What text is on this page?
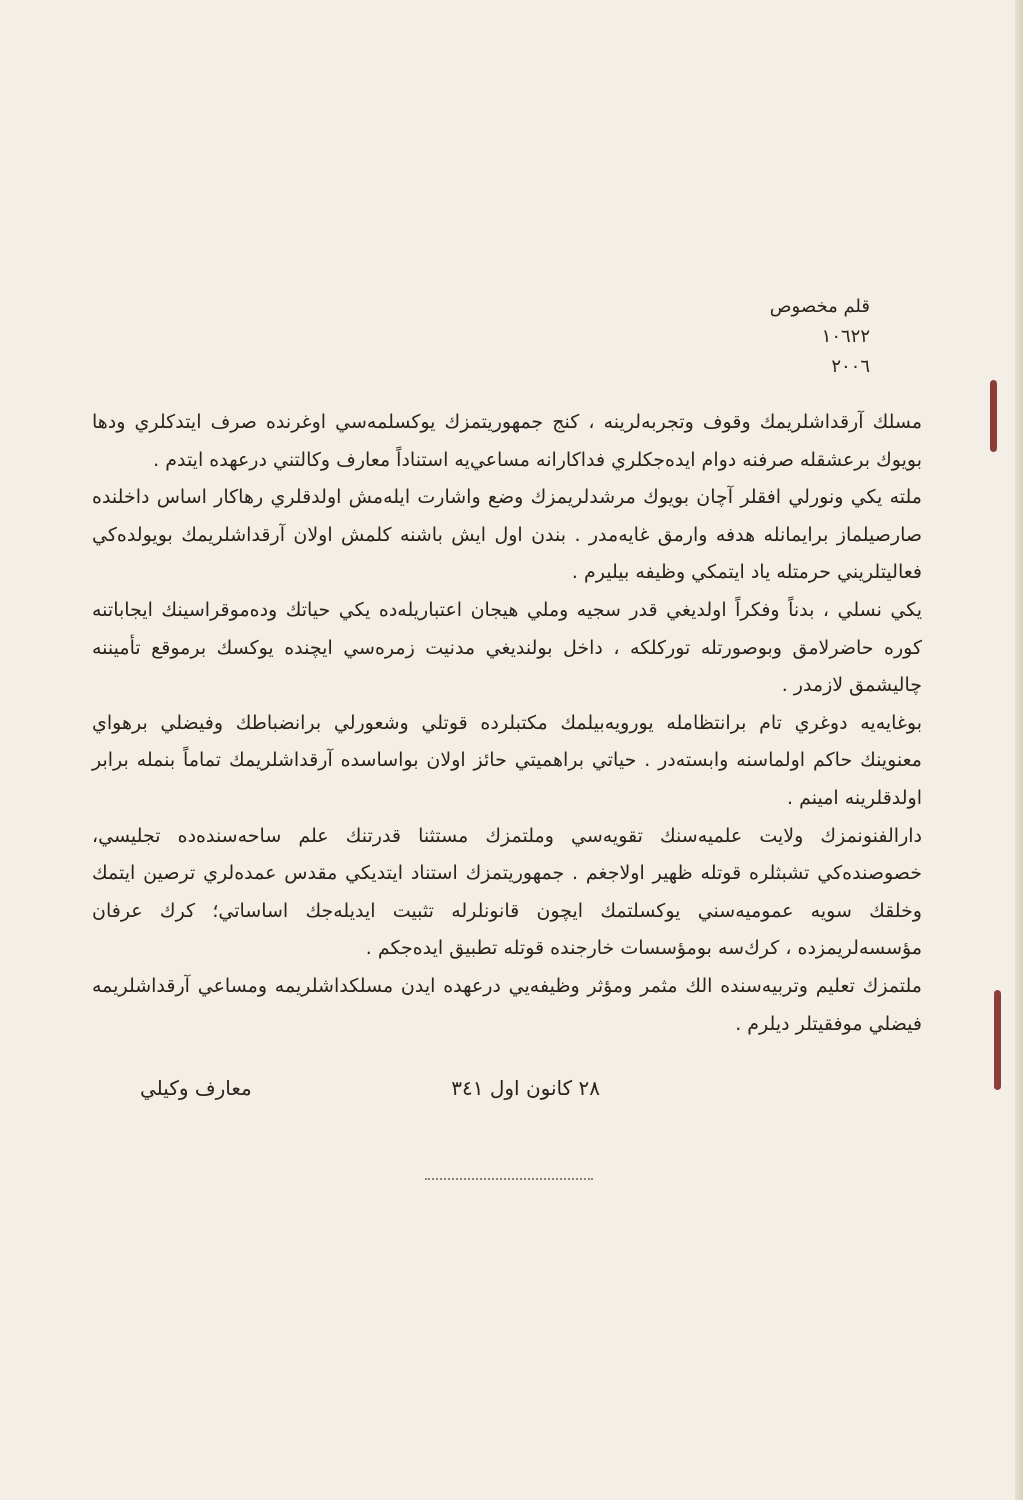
قلم مخصوص
١٠٦٢٢
٢٠٠٦

مسلك آرقداشلريمك وقوف وتجربه‌لرينه ، كنج جمهوريتمزك يوكسلمه‌سي اوغرنده صرف ايتدكلري ودها بويوك برعشقله صرفنه دوام ايده‌جكلري فداكارانه مساعي‌يه استناداً معارف وكالتني درعهده ايتدم .

ملته يكي ونورلي افقلر آچان بويوك مرشدلريمزك وضع واشارت ايله‌مش اولدقلري رهاكار اساس داخلنده صارصيلماز برايمانله هدفه وارمق غايه‌مدر . بندن اول ايش باشنه كلمش اولان آرقداشلريمك بويولده‌كي فعاليتلريني حرمتله ياد ايتمكي وظيفه بيليرم .

يكي نسلي ، بدناً وفكراً اولديغي قدر سجيه وملي هيجان اعتباريله‌ده يكي حياتك وده‌موقراسينك ايجاباتنه كوره حاضرلامق وبوصورتله توركلكه ، داخل بولنديغي مدنيت زمره‌سي ايچنده يوكسك برموقع تأمیننه چاليشمق لازمدر .

بوغايه‌يه دوغري تام برانتظامله يورويه‌بيلمك مكتبلرده قوتلي وشعورلي برانضباطك وفيضلي برهواي معنوينك حاكم اولماسنه وابسته‌در . حياتي براهميتي حائز اولان بواساسده آرقداشلريمك تماماً بنمله برابر اولدقلرينه امينم .

دارالفنونمزك ولايت علميه‌سنك تقويه‌سي وملتمزك مستثنا قدرتنك علم ساحه‌سنده‌ده تجليسي، خصوصنده‌كي تشبثلره قوتله ظهير اولاجغم . جمهوريتمزك استناد ايتديكي مقدس عمده‌لري ترصين ايتمك وخلقك سويه عموميه‌سني يوكسلتمك ايچون قانونلرله تثبيت ايديله‌جك اساساتي؛ كرك عرفان مؤسسه‌لريمزده ، كرك‌سه بومؤسسات خارجنده قوتله تطبيق ايده‌جكم .

ملتمزك تعليم وتربيه‌سنده الك مثمر ومؤثر وظيفه‌يي درعهده ايدن مسلكداشلريمه ومساعي آرقداشلريمه فيضلي موفقيتلر ديلرم .

٢٨ كانون اول ٣٤١
معارف وكيلي
